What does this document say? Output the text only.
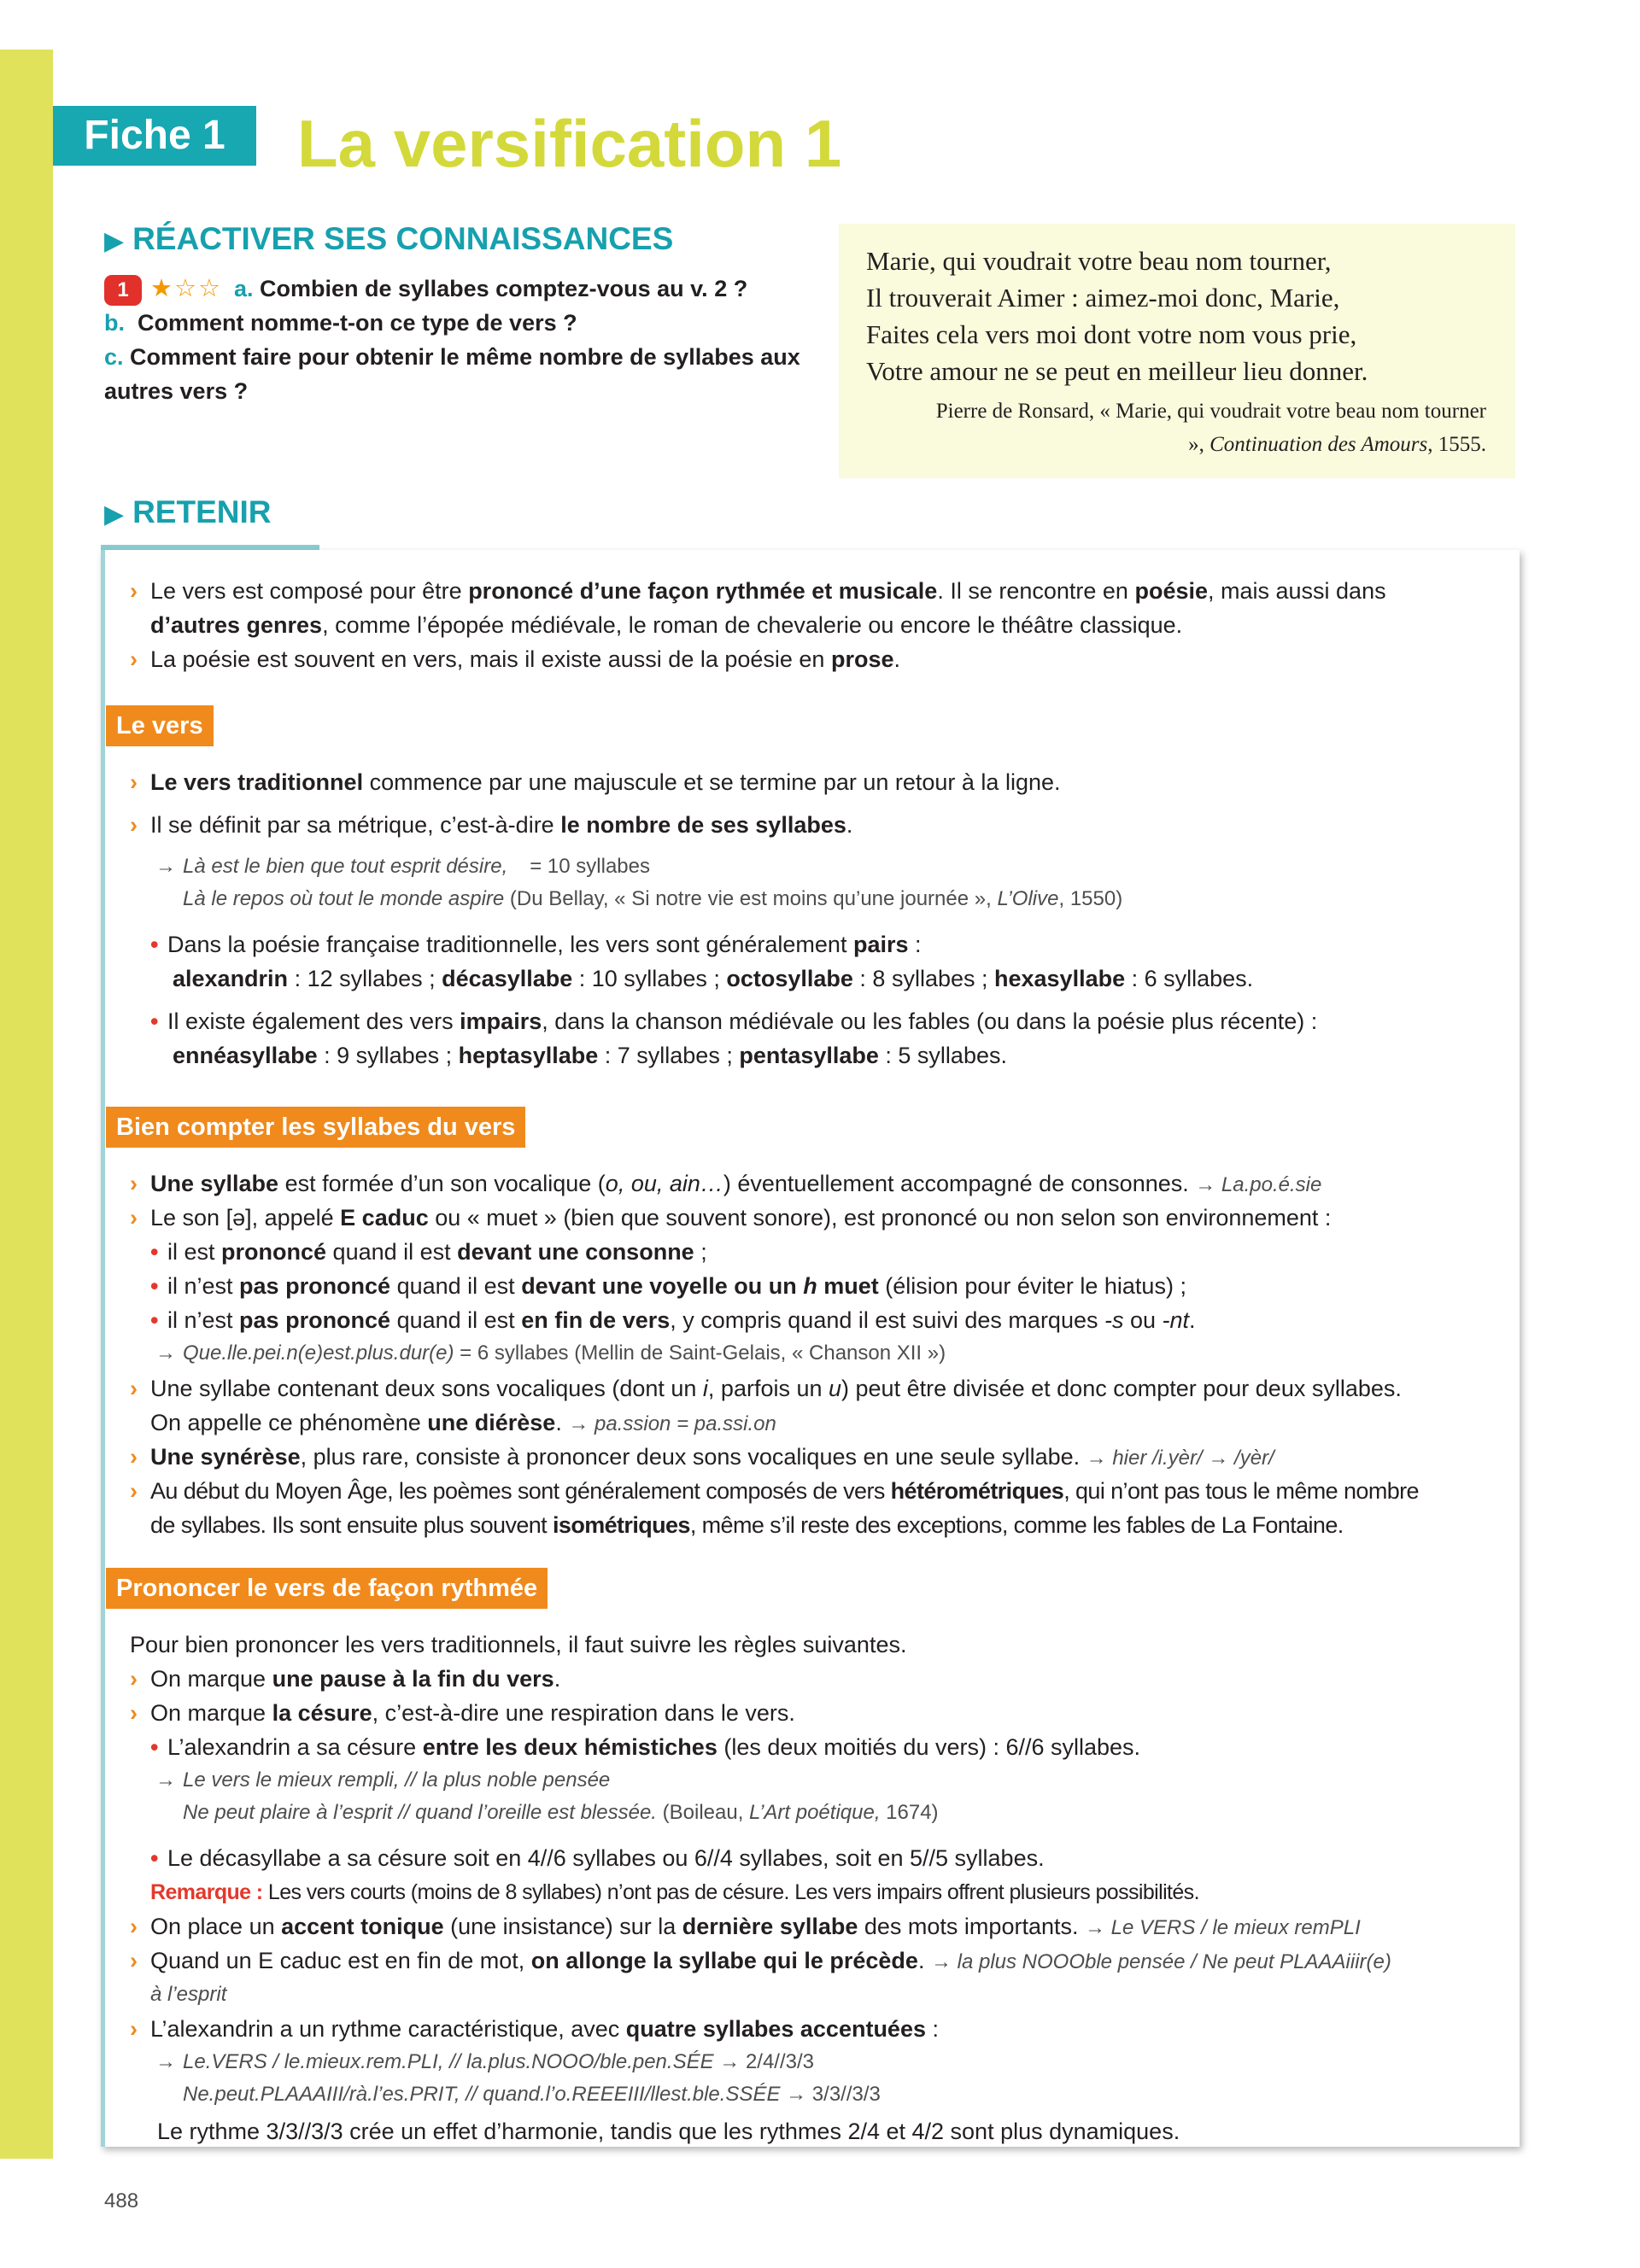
Fiche 1	La versification 1
▶ RÉACTIVER SES CONNAISSANCES
1 ★☆☆ a. Combien de syllabes comptez-vous au v. 2 ?
b. Comment nomme-t-on ce type de vers ?
c. Comment faire pour obtenir le même nombre de syllabes aux autres vers ?
Marie, qui voudrait votre beau nom tourner,
Il trouverait Aimer : aimez-moi donc, Marie,
Faites cela vers moi dont votre nom vous prie,
Votre amour ne se peut en meilleur lieu donner.
Pierre de Ronsard, « Marie, qui voudrait votre beau nom tourner », Continuation des Amours, 1555.
▶ RETENIR
› Le vers est composé pour être prononcé d’une façon rythmée et musicale. Il se rencontre en poésie, mais aussi dans
d’autres genres, comme l’épopée médiévale, le roman de chevalerie ou encore le théâtre classique.
› La poésie est souvent en vers, mais il existe aussi de la poésie en prose.
Le vers
› Le vers traditionnel commence par une majuscule et se termine par un retour à la ligne.
› Il se définit par sa métrique, c’est-à-dire le nombre de ses syllabes.
→ Là est le bien que tout esprit désire, = 10 syllabes
Là le repos où tout le monde aspire (Du Bellay, « Si notre vie est moins qu’une journée », L’Olive, 1550)
• Dans la poésie française traditionnelle, les vers sont généralement pairs :
alexandrin : 12 syllabes ; décasyllabe : 10 syllabes ; octosyllabe : 8 syllabes ; hexasyllabe : 6 syllabes.
• Il existe également des vers impairs, dans la chanson médiévale ou les fables (ou dans la poésie plus récente) :
ennéasyllabe : 9 syllabes ; heptasyllabe : 7 syllabes ; pentasyllabe : 5 syllabes.
Bien compter les syllabes du vers
› Une syllabe est formée d’un son vocalique (o, ou, ain…) éventuellement accompagné de consonnes. → La.po.é.sie
› Le son [ə], appelé E caduc ou « muet » (bien que souvent sonore), est prononcé ou non selon son environnement :
• il est prononcé quand il est devant une consonne ;
• il n’est pas prononcé quand il est devant une voyelle ou un h muet (élision pour éviter le hiatus) ;
• il n’est pas prononcé quand il est en fin de vers, y compris quand il est suivi des marques -s ou -nt.
→ Que.lle.pei.n(e)est.plus.dur(e) = 6 syllabes (Mellin de Saint-Gelais, « Chanson XII »)
› Une syllabe contenant deux sons vocaliques (dont un i, parfois un u) peut être divisée et donc compter pour deux syllabes.
On appelle ce phénomène une diérèse. → pa.ssion = pa.ssi.on
› Une synérèse, plus rare, consiste à prononcer deux sons vocaliques en une seule syllabe. → hier /i.yèr/ → /yèr/
› Au début du Moyen Âge, les poèmes sont généralement composés de vers hétérométriques, qui n’ont pas tous le même nombre
de syllabes. Ils sont ensuite plus souvent isométriques, même s’il reste des exceptions, comme les fables de La Fontaine.
Prononcer le vers de façon rythmée
Pour bien prononcer les vers traditionnels, il faut suivre les règles suivantes.
› On marque une pause à la fin du vers.
› On marque la césure, c’est-à-dire une respiration dans le vers.
• L’alexandrin a sa césure entre les deux hémistiches (les deux moitiés du vers) : 6//6 syllabes.
→ Le vers le mieux rempli, // la plus noble pensée
Ne peut plaire à l’esprit // quand l’oreille est blessée. (Boileau, L’Art poétique, 1674)
• Le décasyllabe a sa césure soit en 4//6 syllabes ou 6//4 syllabes, soit en 5//5 syllabes.
Remarque : Les vers courts (moins de 8 syllabes) n’ont pas de césure. Les vers impairs offrent plusieurs possibilités.
› On place un accent tonique (une insistance) sur la dernière syllabe des mots importants. → Le VERS / le mieux remPLI
› Quand un E caduc est en fin de mot, on allonge la syllabe qui le précède. → la plus NOOOble pensée / Ne peut PLAAAiiir(e)
à l’esprit
› L’alexandrin a un rythme caractéristique, avec quatre syllabes accentuées :
→ Le.VERS / le.mieux.rem.PLI, // la.plus.NOOO/ble.pen.SÉE → 2/4//3/3
Ne.peut.PLAAAIII/rà.l’es.PRIT, // quand.l’o.REEEIII/llest.ble.SSÉE → 3/3//3/3
Le rythme 3/3//3/3 crée un effet d’harmonie, tandis que les rythmes 2/4 et 4/2 sont plus dynamiques.
488
